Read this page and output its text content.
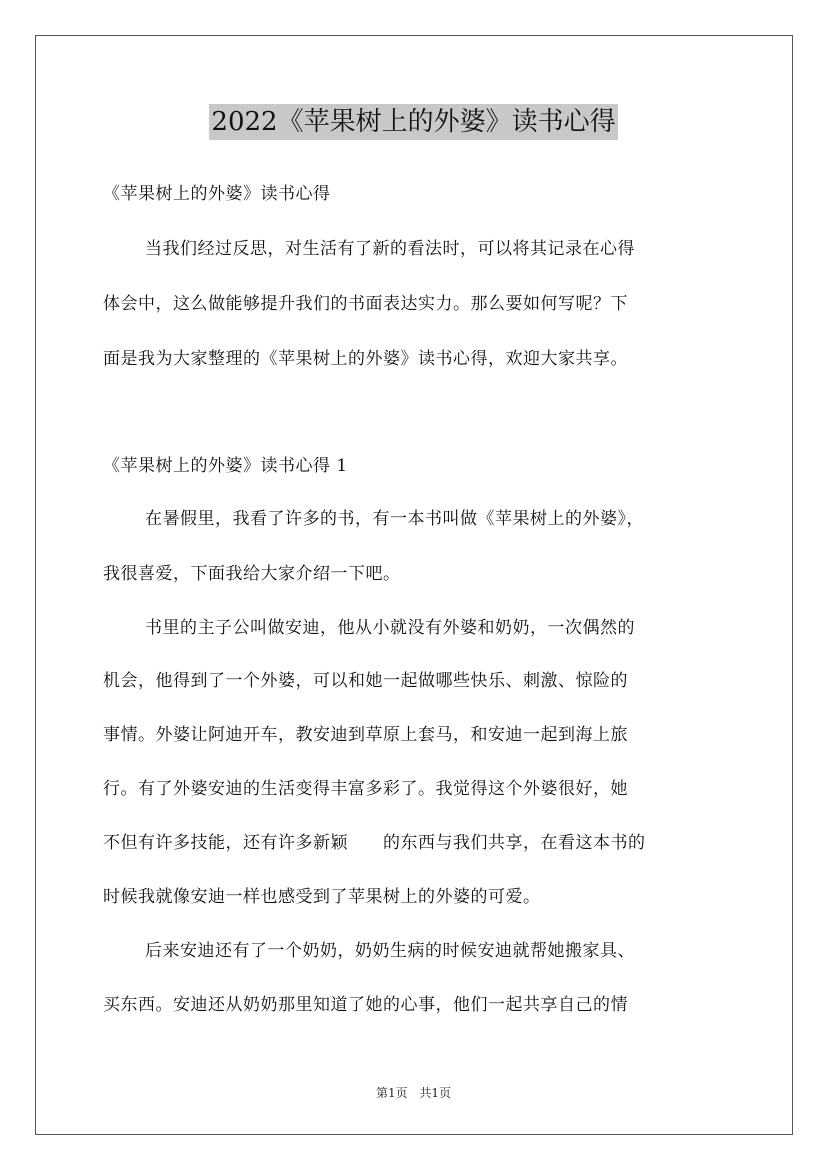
2022《苹果树上的外婆》读书心得
《苹果树上的外婆》读书心得
当我们经过反思，对生活有了新的看法时，可以将其记录在心得
体会中，这么做能够提升我们的书面表达实力。那么要如何写呢？下
面是我为大家整理的《苹果树上的外婆》读书心得，欢迎大家共享。
《苹果树上的外婆》读书心得 1
在暑假里，我看了许多的书，有一本书叫做《苹果树上的外婆》，
我很喜爱，下面我给大家介绍一下吧。
书里的主子公叫做安迪，他从小就没有外婆和奶奶，一次偶然的
机会，他得到了一个外婆，可以和她一起做哪些快乐、刺激、惊险的
事情。外婆让阿迪开车，教安迪到草原上套马，和安迪一起到海上旅
行。有了外婆安迪的生活变得丰富多彩了。我觉得这个外婆很好，她
不但有许多技能，还有许多新颖　　的东西与我们共享，在看这本书的
时候我就像安迪一样也感受到了苹果树上的外婆的可爱。
后来安迪还有了一个奶奶，奶奶生病的时候安迪就帮她搬家具、
买东西。安迪还从奶奶那里知道了她的心事，他们一起共享自己的情
第1页 共1页
